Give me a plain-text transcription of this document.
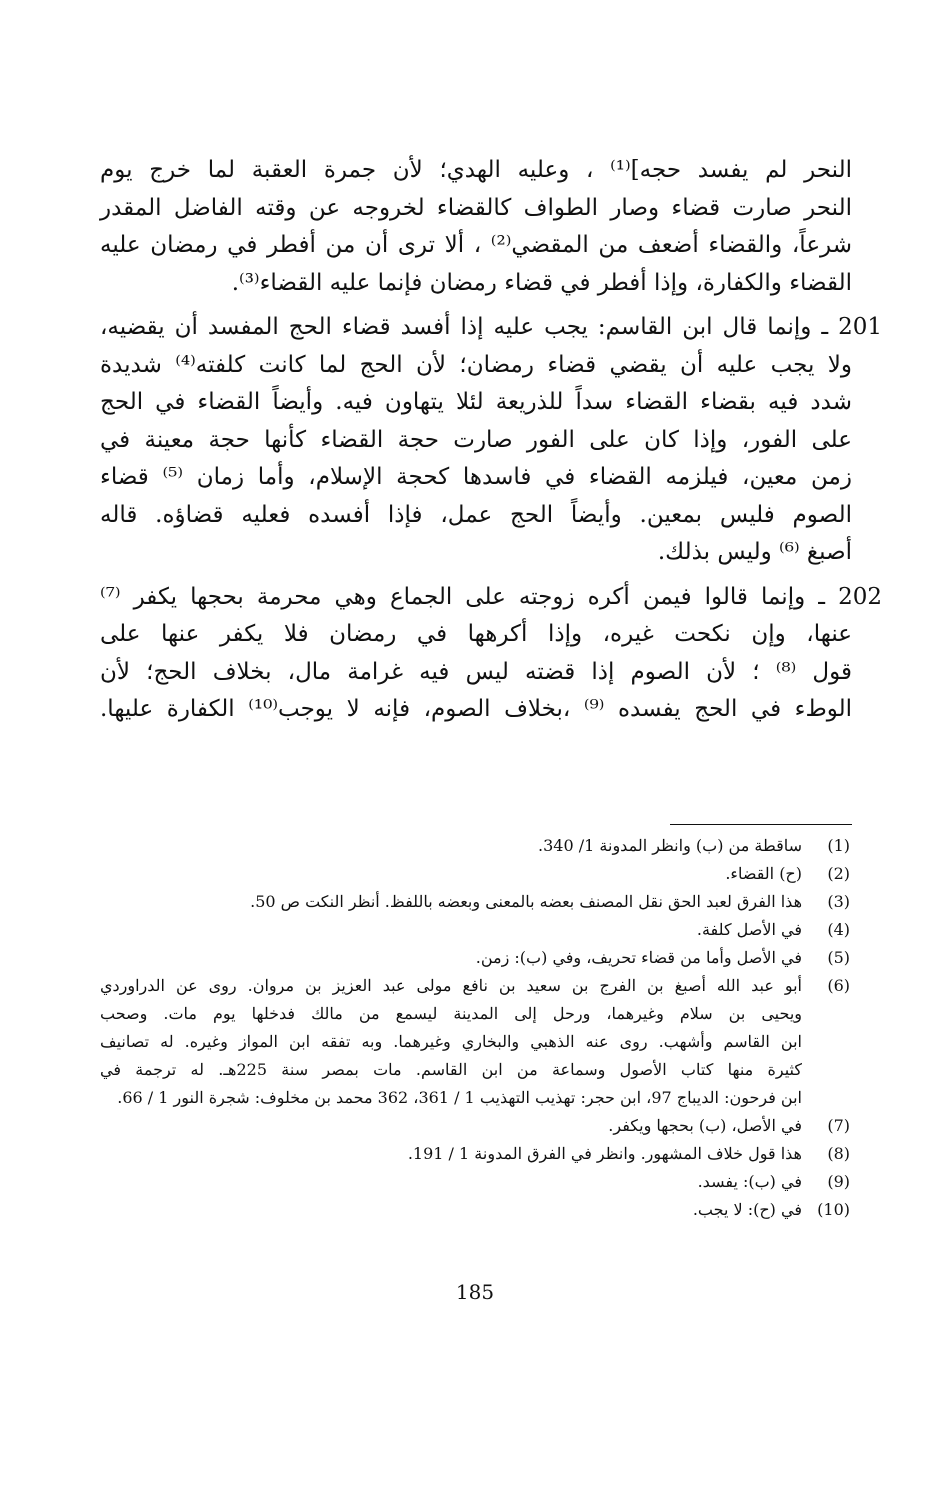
النحر لم يفسد حجه]⁽¹⁾ ، وعليه الهدي؛ لأن جمرة العقبة لما خرج يوم
النحر صارت قضاء وصار الطواف كالقضاء لخروجه عن وقته الفاضل المقدر
شرعاً، والقضاء أضعف من المقضي⁽²⁾ ، ألا ترى أن من أفطر في رمضان عليه
القضاء والكفارة، وإذا أفطر في قضاء رمضان فإنما عليه القضاء⁽³⁾.

201 ـ وإنما قال ابن القاسم: يجب عليه إذا أفسد قضاء الحج المفسد أن يقضيه،
ولا يجب عليه أن يقضي قضاء رمضان؛ لأن الحج لما كانت كلفته⁽⁴⁾ شديدة
شدد فيه بقضاء القضاء سداً للذريعة لئلا يتهاون فيه. وأيضاً القضاء في الحج
على الفور، وإذا كان على الفور صارت حجة القضاء كأنها حجة معينة في
زمن معين، فيلزمه القضاء في فاسدها كحجة الإسلام، وأما زمان ⁽⁵⁾ قضاء
الصوم فليس بمعين. وأيضاً الحج عمل، فإذا أفسده فعليه قضاؤه. قاله
أصبغ ⁽⁶⁾ وليس بذلك.

202 ـ وإنما قالوا فيمن أكره زوجته على الجماع وهي محرمة بحجها يكفر ⁽⁷⁾
عنها، وإن نكحت غيره، وإذا أكرهها في رمضان فلا يكفر عنها على
قول ⁽⁸⁾ ؛ لأن الصوم إذا قضته ليس فيه غرامة مال، بخلاف الحج؛ لأن
الوطء في الحج يفسده ⁽⁹⁾ ،بخلاف الصوم، فإنه لا يوجب⁽¹⁰⁾ الكفارة عليها.

(1)
ساقطة من (ب) وانظر المدونة 1/ 340.
(2)
(ح) القضاء.
(3)
هذا الفرق لعبد الحق نقل المصنف بعضه بالمعنى وبعضه باللفظ. أنظر النكت ص 50.
(4)
في الأصل كلفة.
(5)
في الأصل وأما من قضاء تحريف، وفي (ب): زمن.
(6)
أبو عبد الله أصبغ بن الفرج بن سعيد بن نافع مولى عبد العزيز بن مروان. روى عن الدراوردي
ويحيى بن سلام وغيرهما، ورحل إلى المدينة ليسمع من مالك فدخلها يوم مات. وصحب
ابن القاسم وأشهب. روى عنه الذهبي والبخاري وغيرهما. وبه تفقه ابن المواز وغيره. له تصانيف
كثيرة منها كتاب الأصول وسماعة من ابن القاسم. مات بمصر سنة 225هـ. له ترجمة في
ابن فرحون: الديباج 97، ابن حجر: تهذيب التهذيب 1 / 361، 362 محمد بن مخلوف: شجرة النور 1 / 66.
(7)
في الأصل، (ب) بحجها ويكفر.
(8)
هذا قول خلاف المشهور. وانظر في الفرق المدونة 1 / 191.
(9)
في (ب): يفسد.
(10)
في (ح): لا يجب.
185
